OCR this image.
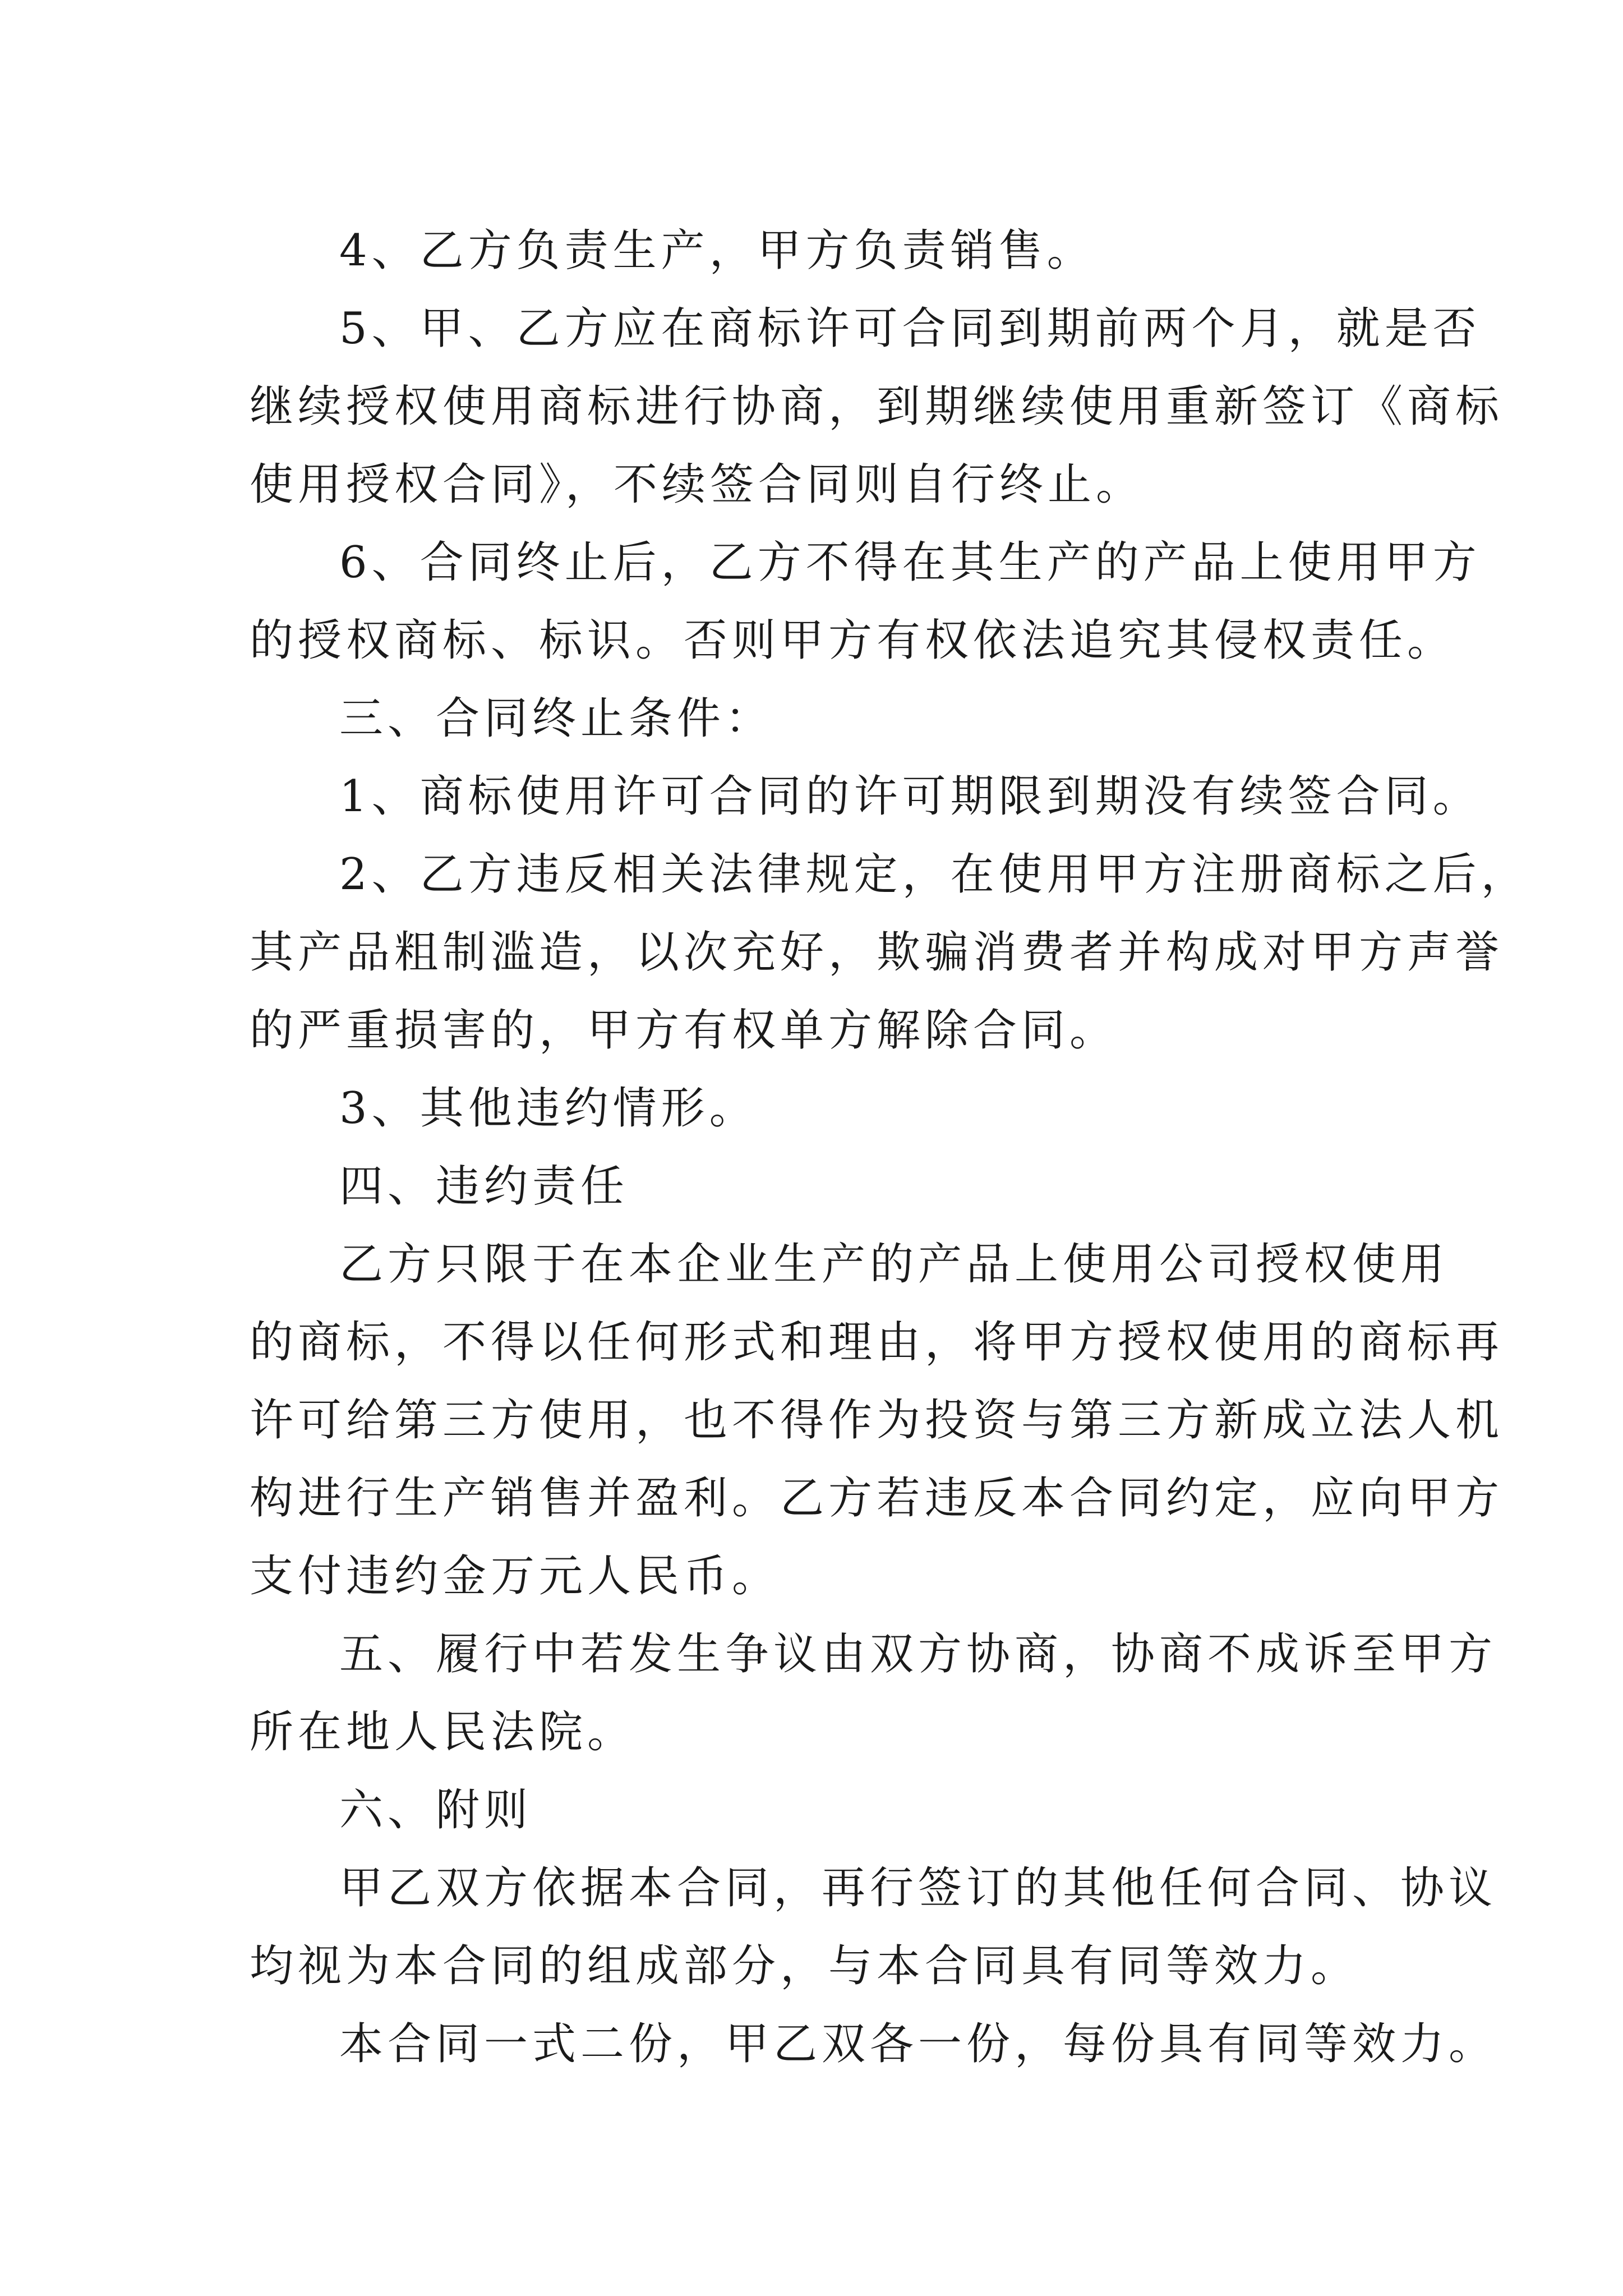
4、乙方负责生产，甲方负责销售。
5、甲、乙方应在商标许可合同到期前两个月，就是否
继续授权使用商标进行协商，到期继续使用重新签订《商标
使用授权合同》，不续签合同则自行终止。
6、合同终止后，乙方不得在其生产的产品上使用甲方
的授权商标、标识。否则甲方有权依法追究其侵权责任。
三、合同终止条件：
1、商标使用许可合同的许可期限到期没有续签合同。
2、乙方违反相关法律规定，在使用甲方注册商标之后，
其产品粗制滥造，以次充好，欺骗消费者并构成对甲方声誉
的严重损害的，甲方有权单方解除合同。
3、其他违约情形。
四、违约责任
乙方只限于在本企业生产的产品上使用公司授权使用
的商标，不得以任何形式和理由，将甲方授权使用的商标再
许可给第三方使用，也不得作为投资与第三方新成立法人机
构进行生产销售并盈利。乙方若违反本合同约定，应向甲方
支付违约金万元人民币。
五、履行中若发生争议由双方协商，协商不成诉至甲方
所在地人民法院。
六、附则
甲乙双方依据本合同，再行签订的其他任何合同、协议
均视为本合同的组成部分，与本合同具有同等效力。
本合同一式二份，甲乙双各一份，每份具有同等效力。
